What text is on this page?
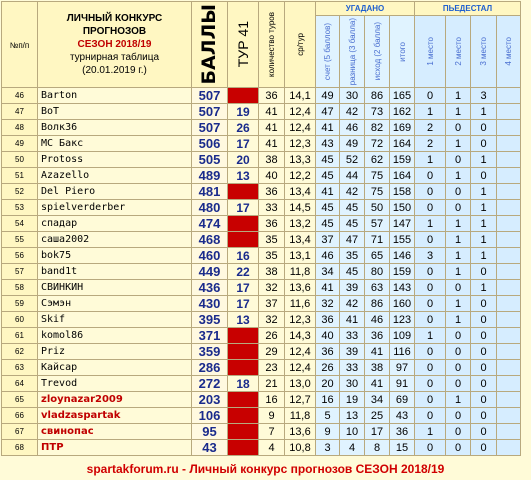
№п/п	ЛИЧНЫЙ КОНКУРС
ПРОГНОЗОВ
СЕЗОН 2018/19
турнирная таблица
(20.01.2019 г.)	БАЛЛЫ	ТУР 41	количество туров	ср/тур	УГАДАНО				ПЬЕДЕСТАЛ			

						счет (5 баллов)	разница (3 балла)	исход (2 балла)	итого	1 место	2 место	3 место	4 место

46	Barton	507		36	14,1	49	30	86	165	0	1	3	
47	BoT	507	19	41	12,4	47	42	73	162	1	1	1	
48	Волк36	507	26	41	12,4	41	46	82	169	2	0	0	
49	MC Бакс	506	17	41	12,3	43	49	72	164	2	1	0	
50	Protoss	505	20	38	13,3	45	52	62	159	1	0	1	
51	Azazello	489	13	40	12,2	45	44	75	164	0	1	0	
52	Del Piero	481		36	13,4	41	42	75	158	0	0	1	
53	spielverderber	480	17	33	14,5	45	45	50	150	0	0	1	
54	спадар	474		36	13,2	45	45	57	147	1	1	1	
55	саша2002	468		35	13,4	37	47	71	155	0	1	1	
56	bok75	460	16	35	13,1	46	35	65	146	3	1	1	
57	band1t	449	22	38	11,8	34	45	80	159	0	1	0	
58	СВИНКИН	436	17	32	13,6	41	39	63	143	0	0	1	
59	Сэмэн	430	17	37	11,6	32	42	86	160	0	1	0	
60	Skif	395	13	32	12,3	36	41	46	123	0	1	0	
61	komol86	371		26	14,3	40	33	36	109	1	0	0	
62	Priz	359		29	12,4	36	39	41	116	0	0	0	
63	Кайсар	286		23	12,4	26	33	38	97	0	0	0	
64	Trevod	272	18	21	13,0	20	30	41	91	0	0	0	
65	zloynazar2009	203		16	12,7	16	19	34	69	0	1	0	
66	vladzaspartak	106		9	11,8	5	13	25	43	0	0	0	
67	свинопас	95		7	13,6	9	10	17	36	1	0	0	
68	ПТР	43		4	10,8	3	4	8	15	0	0	0	
spartakforum.ru - Личный конкурс прогнозов СЕЗОН 2018/19
